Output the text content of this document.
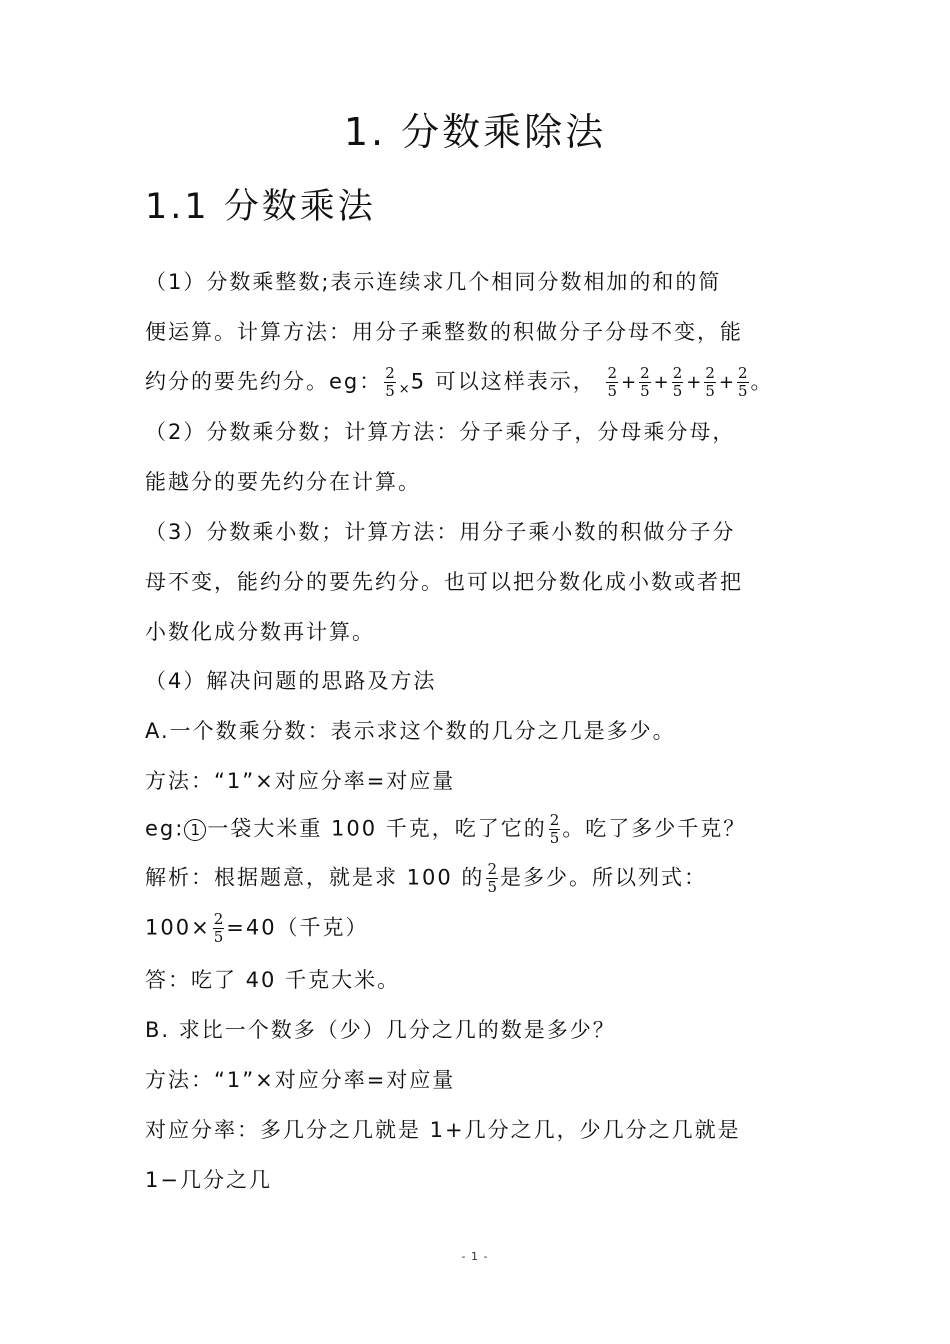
1. 分数乘除法
1.1 分数乘法
（1）分数乘整数;表示连续求几个相同分数相加的和的简
便运算。计算方法：用分子乘整数的积做分子分母不变，能
约分的要先约分。eg： $\frac{2}{5} \times 5$ 可以这样表示， $\frac{2}{5} + \frac{2}{5} + \frac{2}{5} + \frac{2}{5} + \frac{2}{5}$ 。
（2）分数乘分数；计算方法：分子乘分子，分母乘分母，
能越分的要先约分在计算。
（3）分数乘小数；计算方法：用分子乘小数的积做分子分
母不变，能约分的要先约分。也可以把分数化成小数或者把
小数化成分数再计算。
（4）解决问题的思路及方法
A.一个数乘分数：表示求这个数的几分之几是多少。
方法：“1”×对应分率=对应量
eg: 1 一袋大米重 100 千克，吃了它的 $\frac{2}{5}$ 。吃了多少千克？
解析：根据题意，就是求 100 的 $\frac{2}{5}$ 是多少。所以列式：
$100\times \frac{2}{5} =40$（千克）
答：吃了 40 千克大米。
B. 求比一个数多（少）几分之几的数是多少？
方法：“1”×对应分率=对应量
对应分率：多几分之几就是 1+几分之几，少几分之几就是
1−几分之几
- 1 -
